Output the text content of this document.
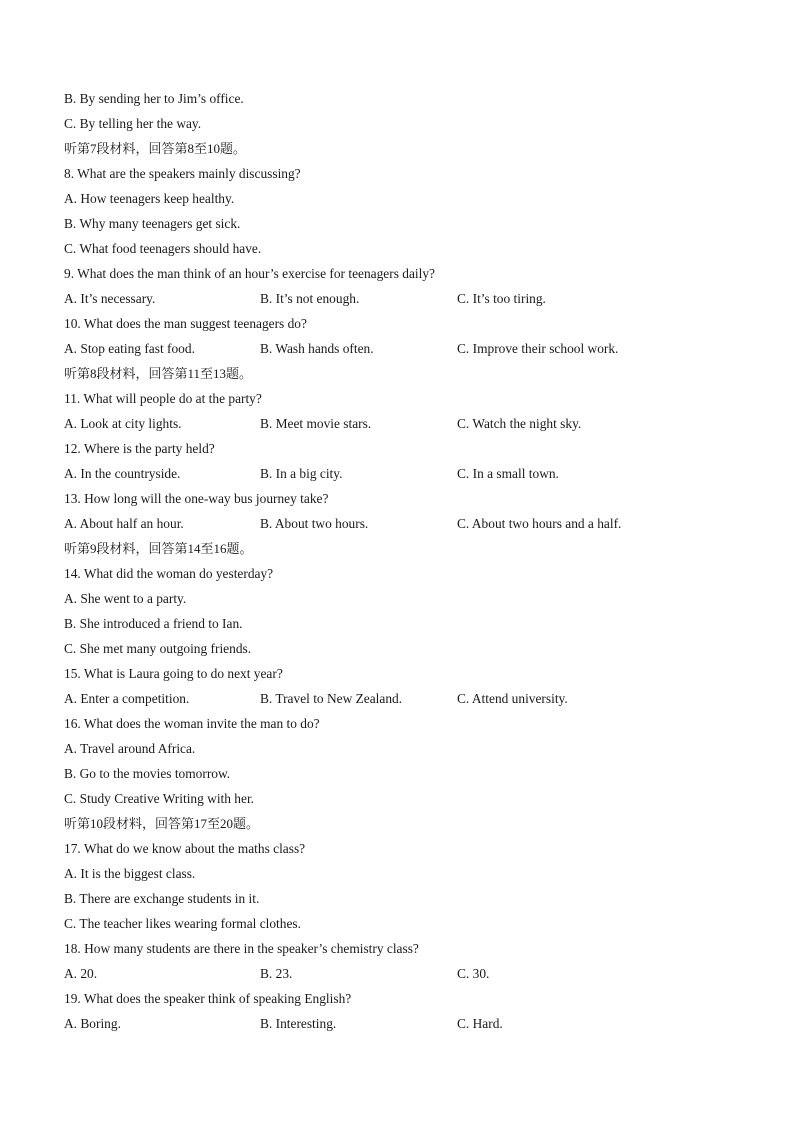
B. By sending her to Jim’s office.
C. By telling her the way.
听第7段材料，回答第8至10题。
8. What are the speakers mainly discussing?
A. How teenagers keep healthy.
B. Why many teenagers get sick.
C. What food teenagers should have.
9. What does the man think of an hour’s exercise for teenagers daily?
A. It’s necessary.	B. It’s not enough.	C. It’s too tiring.
10. What does the man suggest teenagers do?
A. Stop eating fast food.	B. Wash hands often.	C. Improve their school work.
听第8段材料，回答第11至13题。
11. What will people do at the party?
A. Look at city lights.	B. Meet movie stars.	C. Watch the night sky.
12. Where is the party held?
A. In the countryside.	B. In a big city.	C. In a small town.
13. How long will the one-way bus journey take?
A. About half an hour.	B. About two hours.	C. About two hours and a half.
听第9段材料，回答第14至16题。
14. What did the woman do yesterday?
A. She went to a party.
B. She introduced a friend to Ian.
C. She met many outgoing friends.
15. What is Laura going to do next year?
A. Enter a competition.	B. Travel to New Zealand.	C. Attend university.
16. What does the woman invite the man to do?
A. Travel around Africa.
B. Go to the movies tomorrow.
C. Study Creative Writing with her.
听第10段材料，回答第17至20题。
17. What do we know about the maths class?
A. It is the biggest class.
B. There are exchange students in it.
C. The teacher likes wearing formal clothes.
18. How many students are there in the speaker’s chemistry class?
A. 20.	B. 23.	C. 30.
19. What does the speaker think of speaking English?
A. Boring.	B. Interesting.	C. Hard.
